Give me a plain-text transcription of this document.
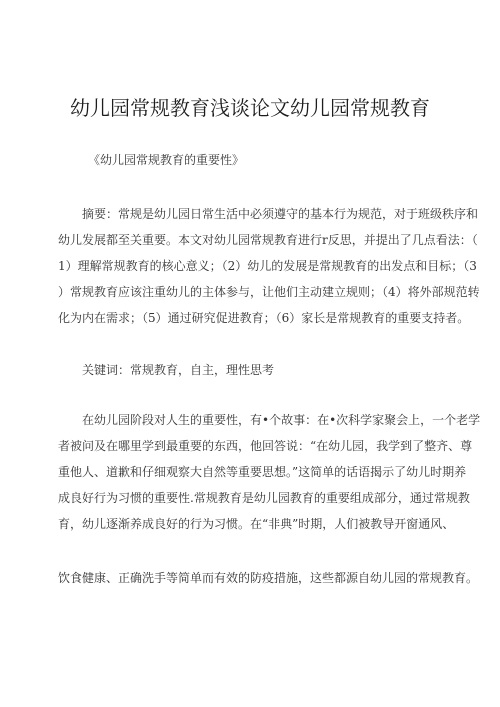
幼儿园常规教育浅谈论文幼儿园常规教育
《幼儿园常规教育的重要性》
　　摘要：常规是幼儿园日常生活中必须遵守的基本行为规范，对于班级秩序和
幼儿发展都至关重要。本文对幼儿园常规教育进行r反思，并提出了几点看法：（
1）理解常规教育的核心意义；（2）幼儿的发展是常规教育的出发点和目标；（3
）常规教育应该注重幼儿的主体参与，让他们主动建立规则；（4）将外部规范转
化为内在需求；（5）通过研究促进教育；（6）家长是常规教育的重要支持者。
关键词：常规教育，自主，理性思考
　　在幼儿园阶段对人生的重要性，有•个故事：在•次科学家聚会上，一个老学
者被问及在哪里学到最重要的东西，他回答说：“在幼儿园，我学到了整齐、尊
重他人、道歉和仔细观察大自然等重要思想。”这简单的话语揭示了幼儿时期养
成良好行为习惯的重要性.常规教育是幼儿园教育的重要组成部分，通过常规教
育，幼儿逐渐养成良好的行为习惯。在“非典”时期，人们被教导开窗通风、
饮食健康、正确洗手等简单而有效的防疫措施，这些都源自幼儿园的常规教育。
